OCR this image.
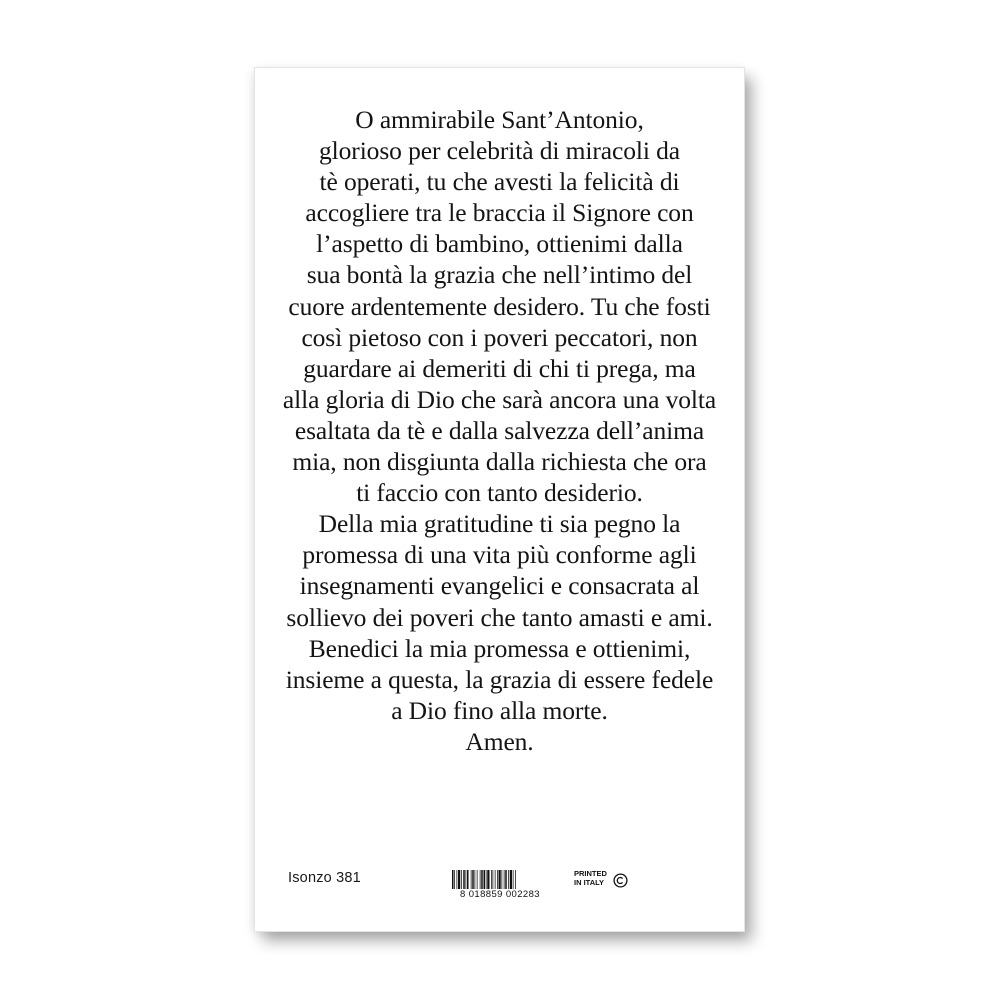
O ammirabile Sant’Antonio,
glorioso per celebrità di miracoli da
tè operati, tu che avesti la felicità di
accogliere tra le braccia il Signore con
l’aspetto di bambino, ottienimi dalla
sua bontà la grazia che nell’intimo del
cuore ardentemente desidero. Tu che fosti
così pietoso con i poveri peccatori, non
guardare ai demeriti di chi ti prega, ma
alla gloria di Dio che sarà ancora una volta
esaltata da tè e dalla salvezza dell’anima
mia, non disgiunta dalla richiesta che ora
ti faccio con tanto desiderio.
Della mia gratitudine ti sia pegno la
promessa di una vita più conforme agli
insegnamenti evangelici e consacrata al
sollievo dei poveri che tanto amasti e ami.
Benedici la mia promessa e ottienimi,
insieme a questa, la grazia di essere fedele
a Dio fino alla morte.
Amen.
Isonzo 381
8 018859 002283
PRINTED
IN ITALY
